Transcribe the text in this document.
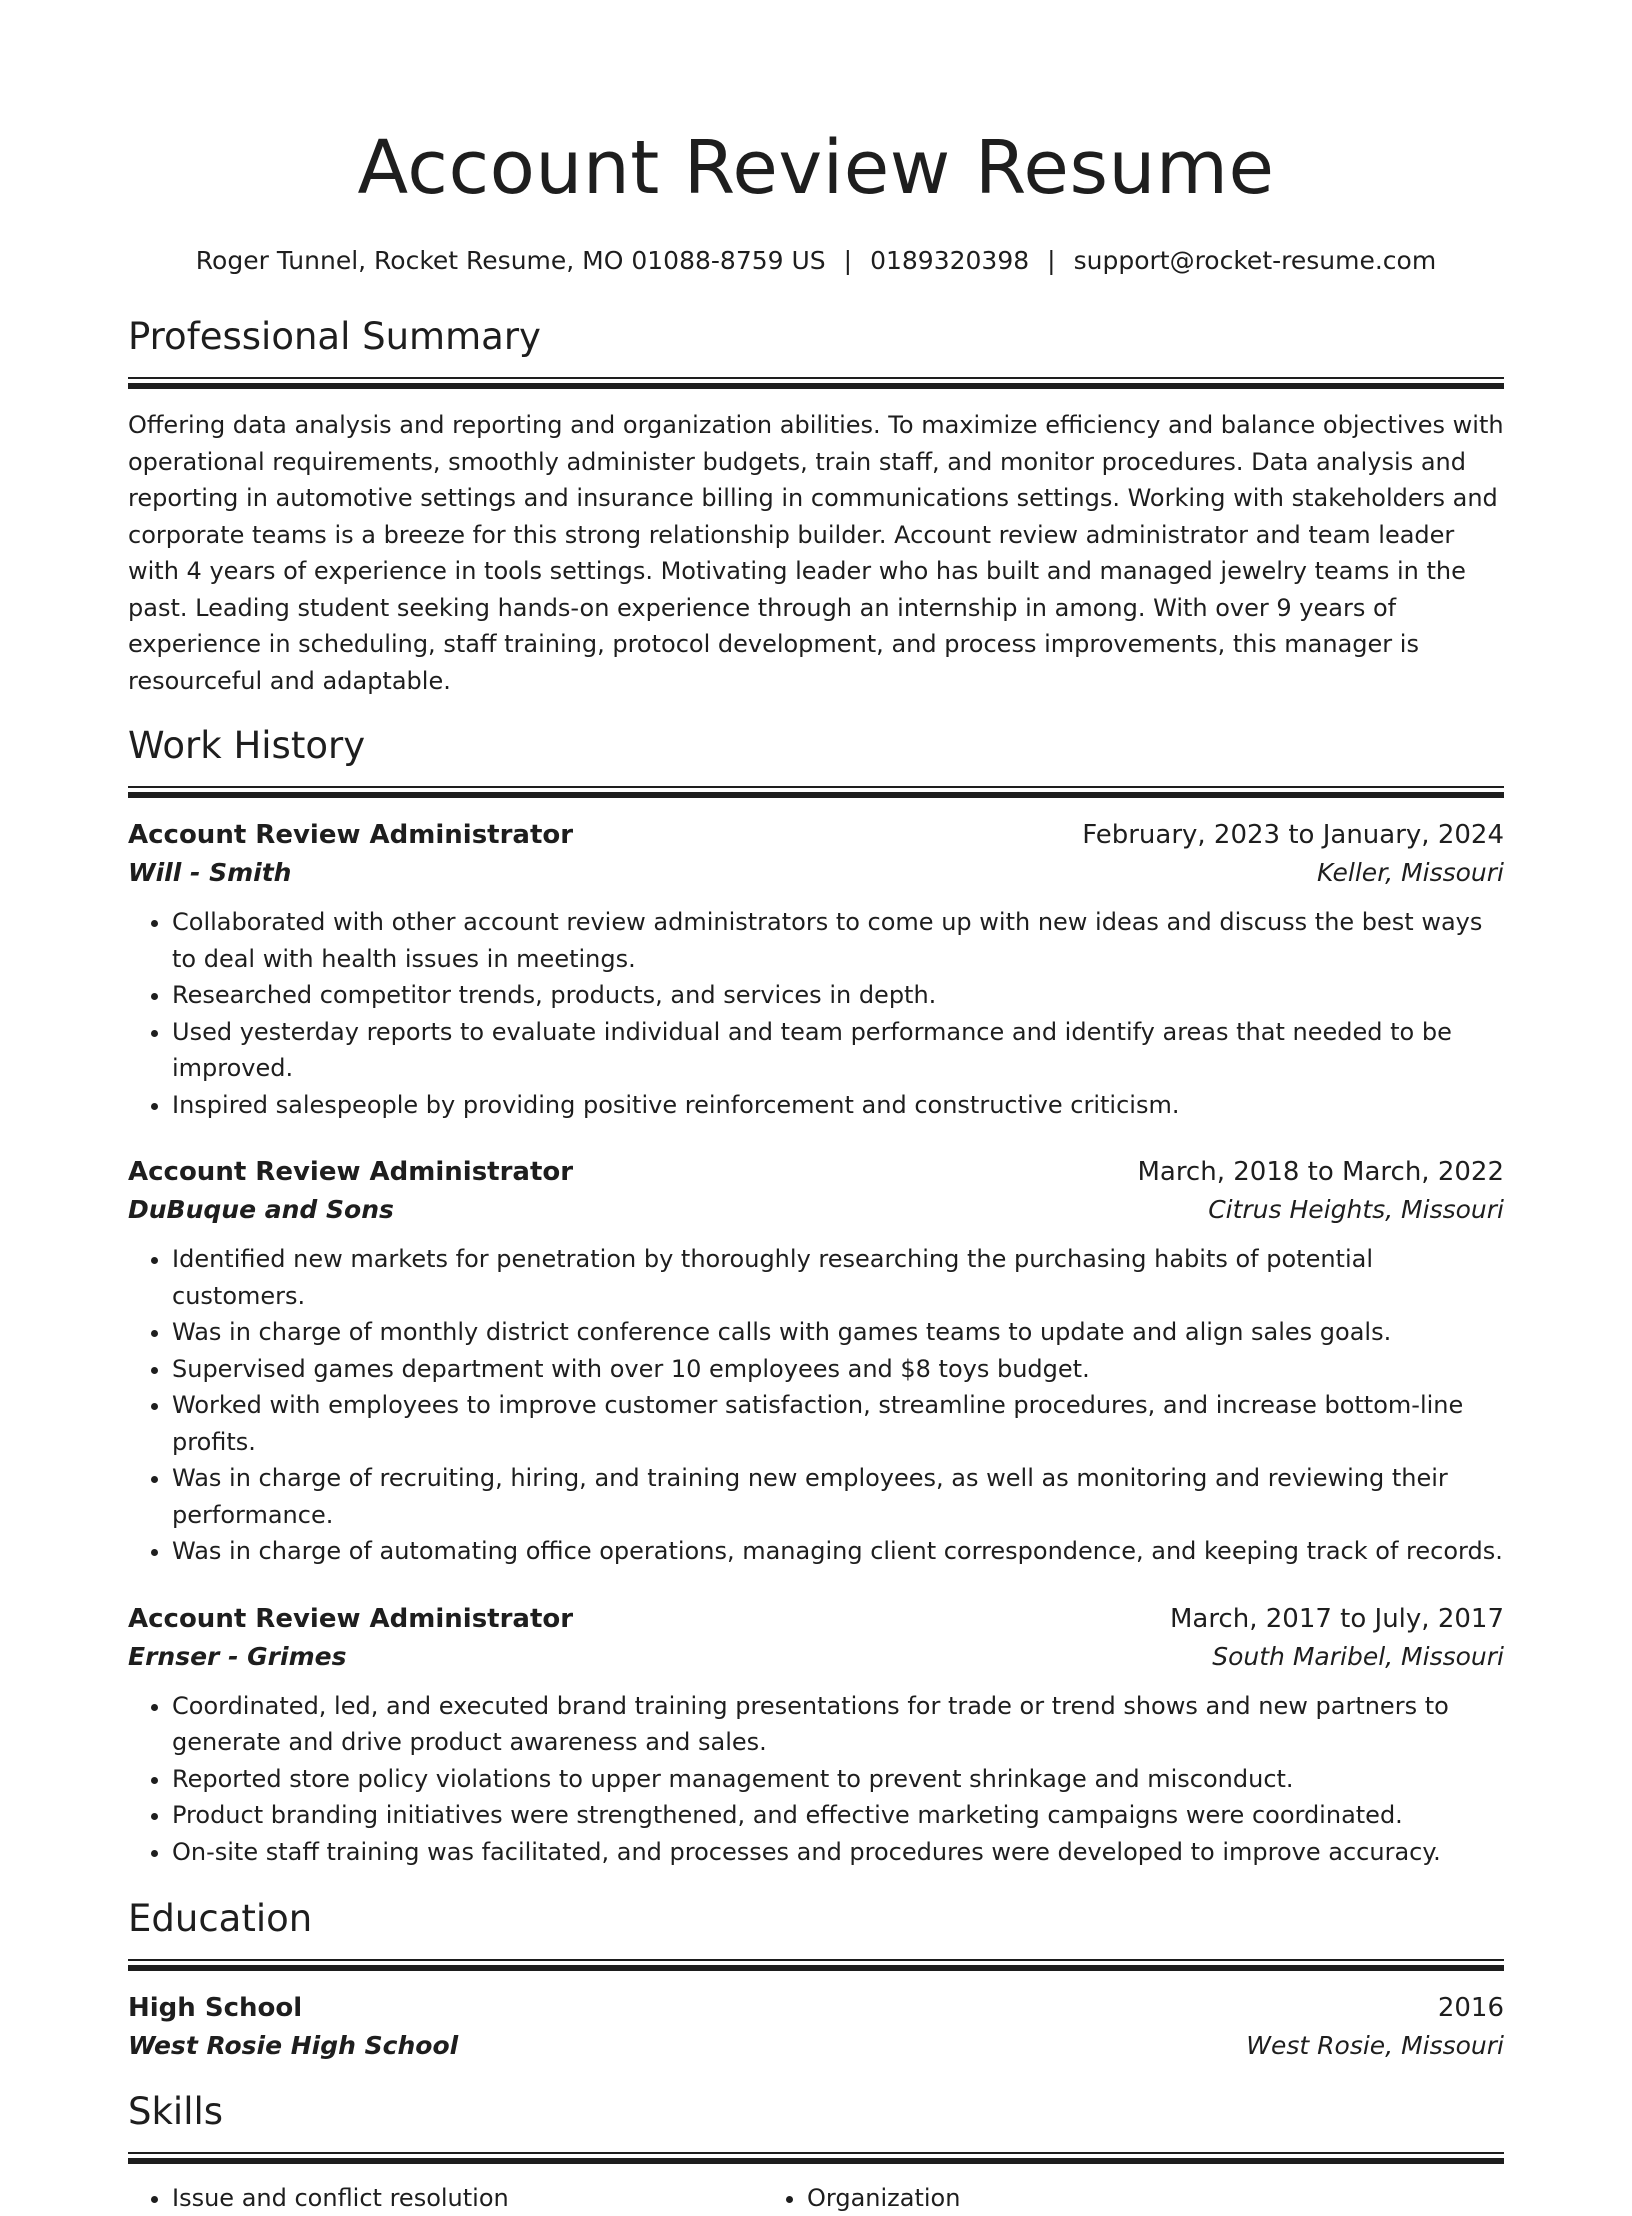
Account Review Resume
Roger Tunnel, Rocket Resume, MO 01088-8759 US | 0189320398 | support@rocket-resume.com
Professional Summary

Offering data analysis and reporting and organization abilities. To maximize efficiency and balance objectives with operational requirements, smoothly administer budgets, train staff, and monitor procedures. Data analysis and reporting in automotive settings and insurance billing in communications settings. Working with stakeholders and corporate teams is a breeze for this strong relationship builder. Account review administrator and team leader with 4 years of experience in tools settings. Motivating leader who has built and managed jewelry teams in the past. Leading student seeking hands-on experience through an internship in among. With over 9 years of experience in scheduling, staff training, protocol development, and process improvements, this manager is resourceful and adaptable.

Work History
Account Review Administrator	February, 2023 to January, 2024
Will - Smith	Keller, Missouri
• Collaborated with other account review administrators to come up with new ideas and discuss the best ways to deal with health issues in meetings.
• Researched competitor trends, products, and services in depth.
• Used yesterday reports to evaluate individual and team performance and identify areas that needed to be improved.
• Inspired salespeople by providing positive reinforcement and constructive criticism.
Account Review Administrator	March, 2018 to March, 2022
DuBuque and Sons	Citrus Heights, Missouri
• Identified new markets for penetration by thoroughly researching the purchasing habits of potential customers.
• Was in charge of monthly district conference calls with games teams to update and align sales goals.
• Supervised games department with over 10 employees and $8 toys budget.
• Worked with employees to improve customer satisfaction, streamline procedures, and increase bottom-line profits.
• Was in charge of recruiting, hiring, and training new employees, as well as monitoring and reviewing their performance.
• Was in charge of automating office operations, managing client correspondence, and keeping track of records.
Account Review Administrator	March, 2017 to July, 2017
Ernser - Grimes	South Maribel, Missouri
• Coordinated, led, and executed brand training presentations for trade or trend shows and new partners to generate and drive product awareness and sales.
• Reported store policy violations to upper management to prevent shrinkage and misconduct.
• Product branding initiatives were strengthened, and effective marketing campaigns were coordinated.
• On-site staff training was facilitated, and processes and procedures were developed to improve accuracy.
Education
High School	2016
West Rosie High School	West Rosie, Missouri
Skills
• Issue and conflict resolution
•	Organization
